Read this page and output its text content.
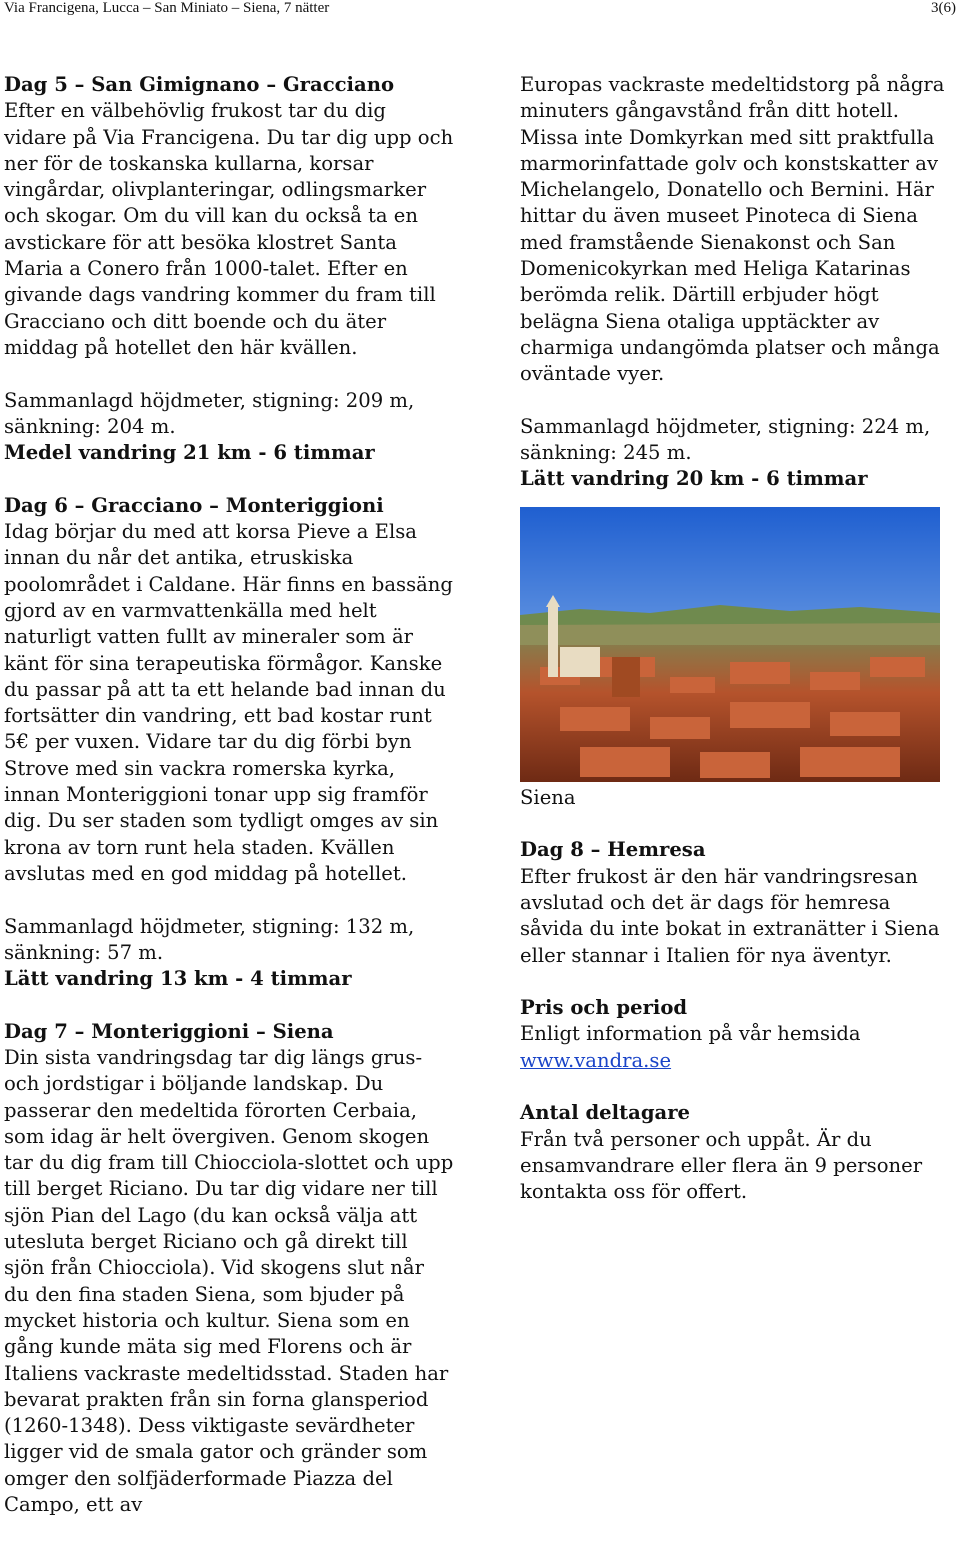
Via Francigena, Lucca – San Miniato – Siena, 7 nätter	3(6)

Dag 5 – San Gimignano – Gracciano

Efter en välbehövlig frukost tar du dig vidare på Via Francigena. Du tar dig upp och ner för de toskanska kullarna, korsar vingårdar, olivplanteringar, odlingsmarker och skogar. Om du vill kan du också ta en avstickare för att besöka klostret Santa Maria a Conero från 1000-talet. Efter en givande dags vandring kommer du fram till Gracciano och ditt boende och du äter middag på hotellet den här kvällen.

Sammanlagd höjdmeter, stigning: 209 m, sänkning: 204 m.

Medel vandring 21 km - 6 timmar

Dag 6 – Gracciano – Monteriggioni

Idag börjar du med att korsa Pieve a Elsa innan du når det antika, etruskiska poolområdet i Caldane. Här finns en bassäng gjord av en varmvattenkälla med helt naturligt vatten fullt av mineraler som är känt för sina terapeutiska förmågor. Kanske du passar på att ta ett helande bad innan du fortsätter din vandring, ett bad kostar runt 5€ per vuxen. Vidare tar du dig förbi byn Strove med sin vackra romerska kyrka, innan Monteriggioni tonar upp sig framför dig. Du ser staden som tydligt omges av sin krona av torn runt hela staden. Kvällen avslutas med en god middag på hotellet.

Sammanlagd höjdmeter, stigning: 132 m, sänkning: 57 m.

Lätt vandring 13 km - 4 timmar

Dag 7 – Monteriggioni – Siena

Din sista vandringsdag tar dig längs grus- och jordstigar i böljande landskap. Du passerar den medeltida förorten Cerbaia, som idag är helt övergiven. Genom skogen tar du dig fram till Chiocciola-slottet och upp till berget Riciano. Du tar dig vidare ner till sjön Pian del Lago (du kan också välja att utesluta berget Riciano och gå direkt till sjön från Chiocciola). Vid skogens slut når du den fina staden Siena, som bjuder på mycket historia och kultur. Siena som en gång kunde mäta sig med Florens och är Italiens vackraste medeltidsstad. Staden har bevarat prakten från sin forna glansperiod (1260-1348). Dess viktigaste sevärdheter ligger vid de smala gator och gränder som omger den solfjäderformade Piazza del Campo, ett av

Europas vackraste medeltidstorg på några minuters gångavstånd från ditt hotell. Missa inte Domkyrkan med sitt praktfulla marmorinfattade golv och konstskatter av Michelangelo, Donatello och Bernini. Här hittar du även museet Pinoteca di Siena med framstående Sienakonst och San Domenicokyrkan med Heliga Katarinas berömda relik. Därtill erbjuder högt belägna Siena otaliga upptäckter av charmiga undangömda platser och många oväntade vyer.

Sammanlagd höjdmeter, stigning: 224 m, sänkning: 245 m.

Lätt vandring 20 km - 6 timmar

Siena

Dag 8 – Hemresa

Efter frukost är den här vandringsresan avslutad och det är dags för hemresa såvida du inte bokat in extranätter i Siena eller stannar i Italien för nya äventyr.

Pris och period

Enligt information på vår hemsida

www.vandra.se

Antal deltagare

Från två personer och uppåt. Är du ensamvandrare eller flera än 9 personer kontakta oss för offert.
